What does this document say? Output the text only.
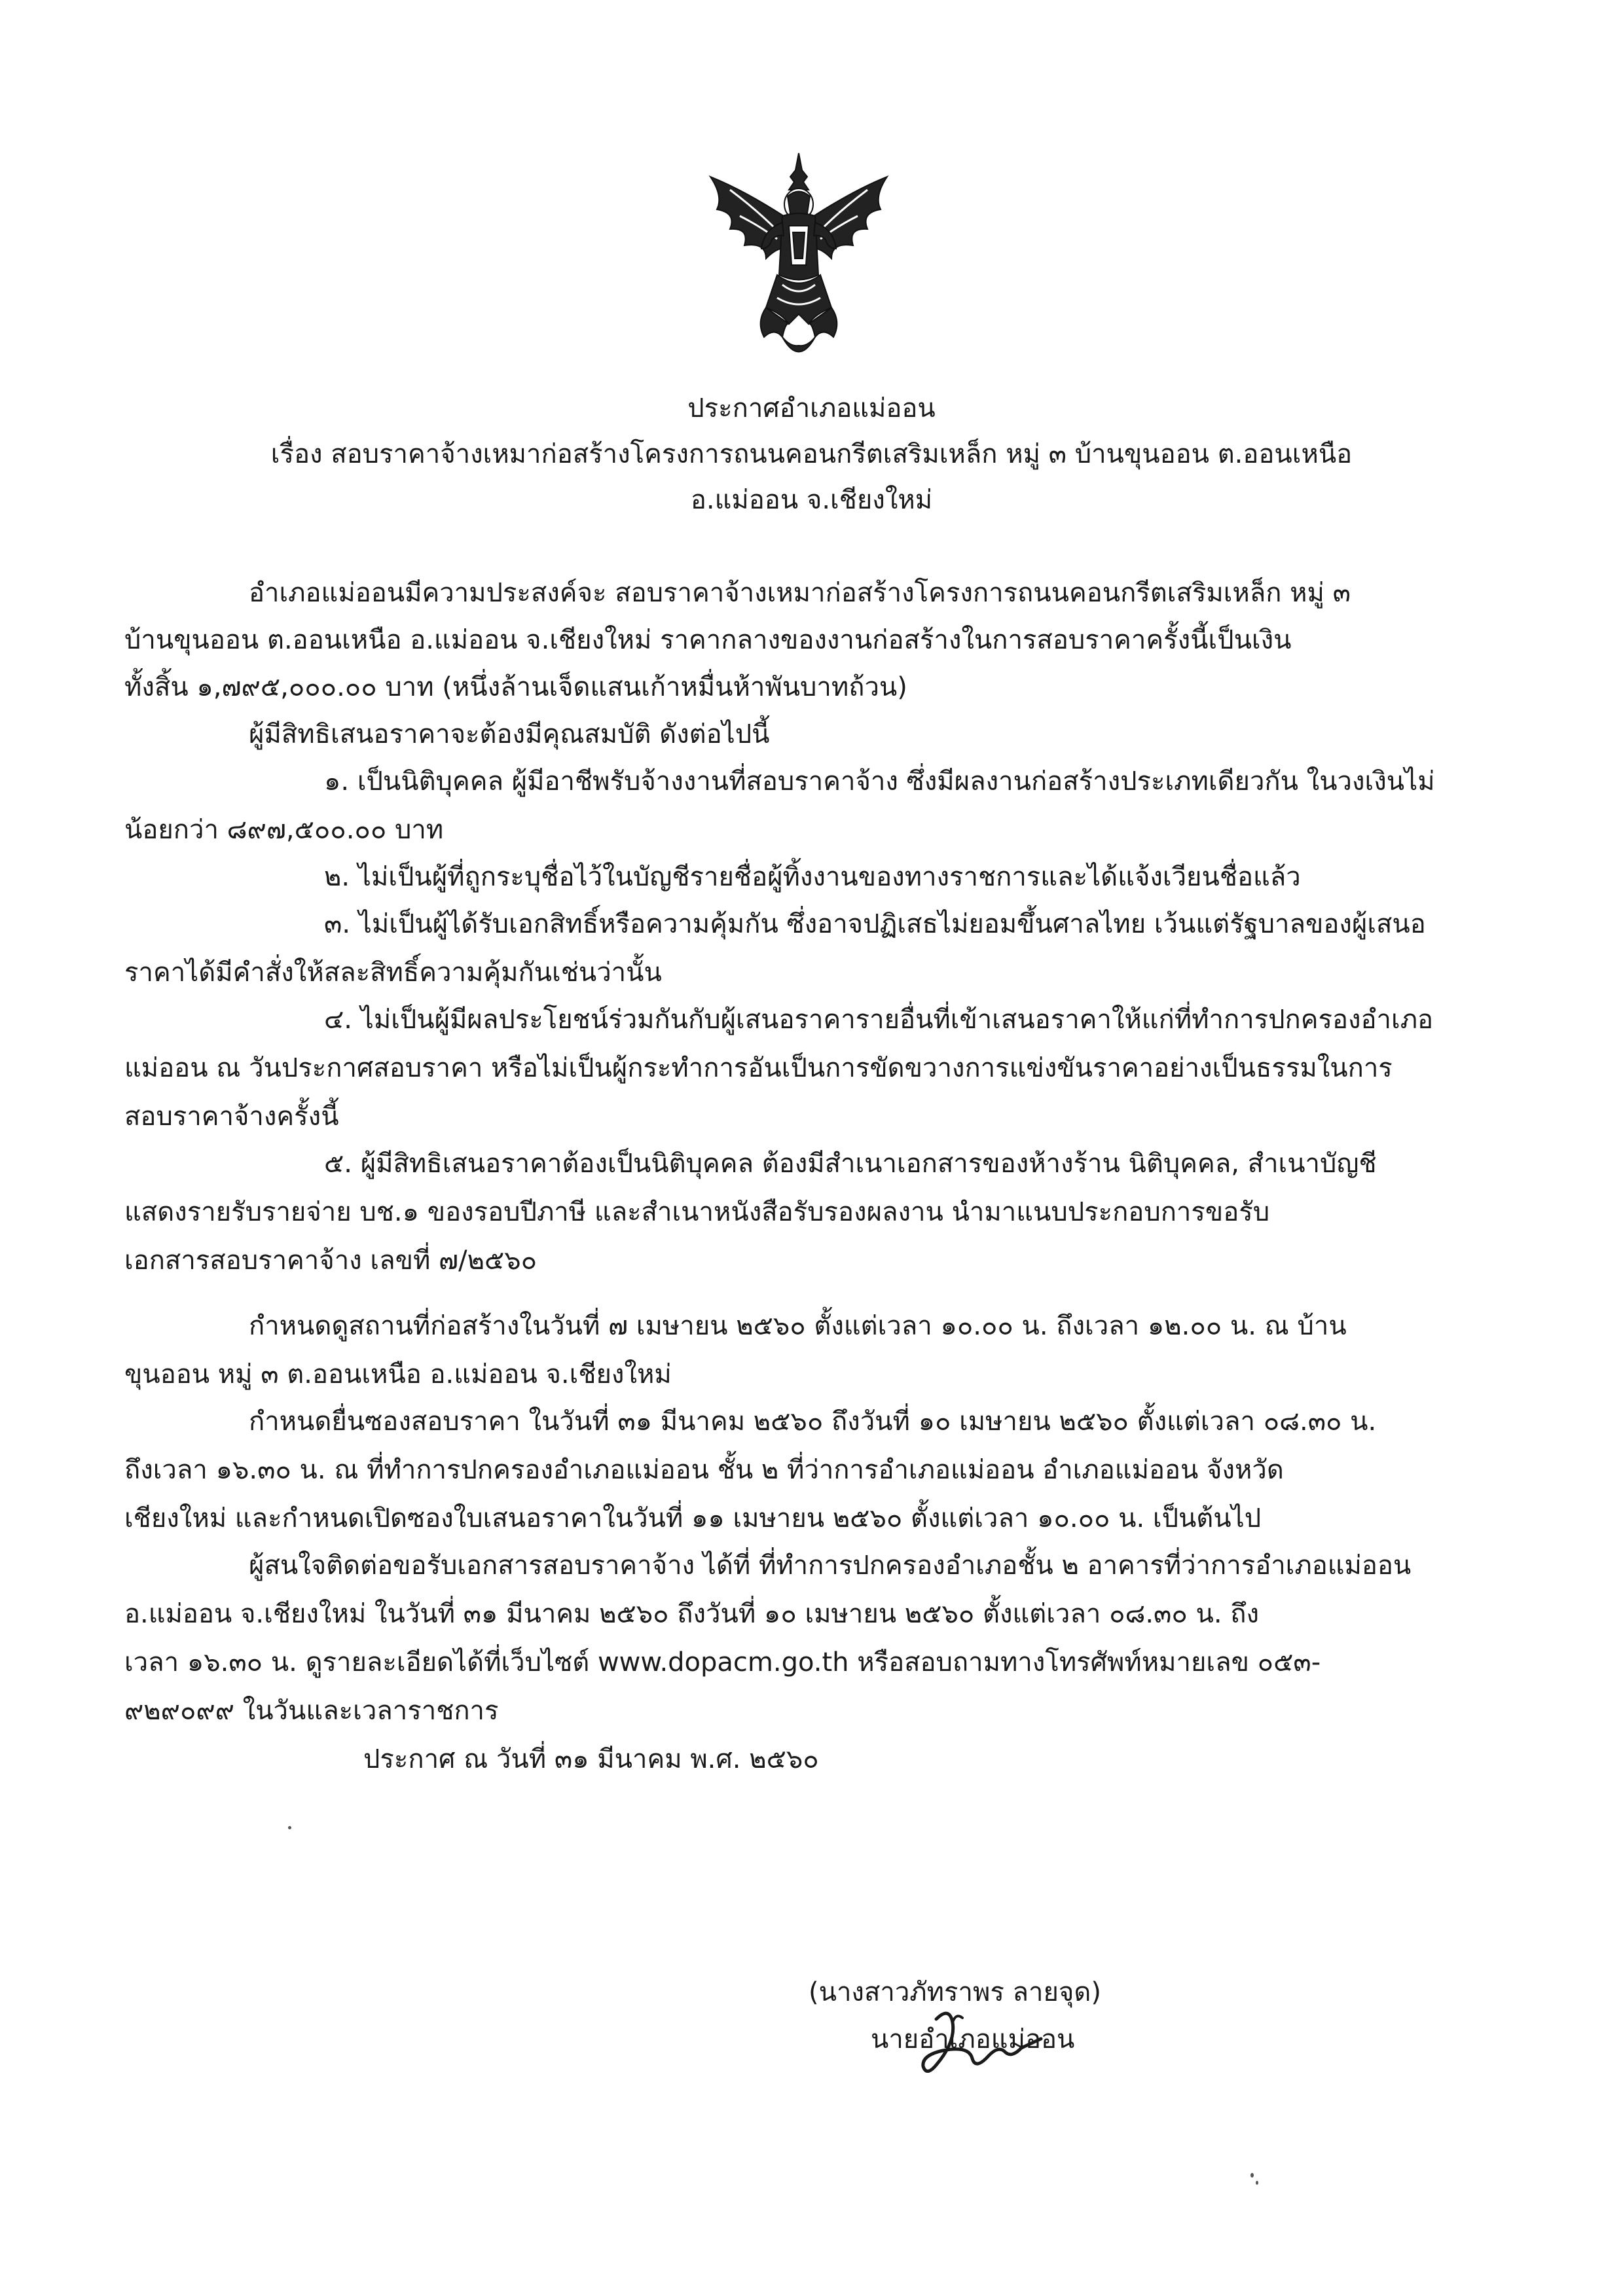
ประกาศอำเภอแม่ออน
เรื่อง สอบราคาจ้างเหมาก่อสร้างโครงการถนนคอนกรีตเสริมเหล็ก หมู่ ๓ บ้านขุนออน ต.ออนเหนือ
อ.แม่ออน จ.เชียงใหม่
อำเภอแม่ออนมีความประสงค์จะ สอบราคาจ้างเหมาก่อสร้างโครงการถนนคอนกรีตเสริมเหล็ก หมู่ ๓
บ้านขุนออน ต.ออนเหนือ อ.แม่ออน จ.เชียงใหม่ ราคากลางของงานก่อสร้างในการสอบราคาครั้งนี้เป็นเงิน
ทั้งสิ้น ๑,๗๙๕,๐๐๐.๐๐ บาท (หนึ่งล้านเจ็ดแสนเก้าหมื่นห้าพันบาทถ้วน)
ผู้มีสิทธิเสนอราคาจะต้องมีคุณสมบัติ ดังต่อไปนี้
๑. เป็นนิติบุคคล ผู้มีอาชีพรับจ้างงานที่สอบราคาจ้าง ซึ่งมีผลงานก่อสร้างประเภทเดียวกัน ในวงเงินไม่
น้อยกว่า ๘๙๗,๕๐๐.๐๐ บาท
๒. ไม่เป็นผู้ที่ถูกระบุชื่อไว้ในบัญชีรายชื่อผู้ทิ้งงานของทางราชการและได้แจ้งเวียนชื่อแล้ว
๓. ไม่เป็นผู้ได้รับเอกสิทธิ์หรือความคุ้มกัน ซึ่งอาจปฏิเสธไม่ยอมขึ้นศาลไทย เว้นแต่รัฐบาลของผู้เสนอ
ราคาได้มีคำสั่งให้สละสิทธิ์ความคุ้มกันเช่นว่านั้น
๔. ไม่เป็นผู้มีผลประโยชน์ร่วมกันกับผู้เสนอราคารายอื่นที่เข้าเสนอราคาให้แก่ที่ทำการปกครองอำเภอ
แม่ออน ณ วันประกาศสอบราคา หรือไม่เป็นผู้กระทำการอันเป็นการขัดขวางการแข่งขันราคาอย่างเป็นธรรมในการ
สอบราคาจ้างครั้งนี้
๕. ผู้มีสิทธิเสนอราคาต้องเป็นนิติบุคคล ต้องมีสำเนาเอกสารของห้างร้าน นิติบุคคล, สำเนาบัญชี
แสดงรายรับรายจ่าย บช.๑ ของรอบปีภาษี และสำเนาหนังสือรับรองผลงาน นำมาแนบประกอบการขอรับ
เอกสารสอบราคาจ้าง เลขที่ ๗/๒๕๖๐
กำหนดดูสถานที่ก่อสร้างในวันที่ ๗ เมษายน ๒๕๖๐ ตั้งแต่เวลา ๑๐.๐๐ น. ถึงเวลา ๑๒.๐๐ น. ณ บ้าน
ขุนออน หมู่ ๓ ต.ออนเหนือ อ.แม่ออน จ.เชียงใหม่
กำหนดยื่นซองสอบราคา ในวันที่ ๓๑ มีนาคม ๒๕๖๐ ถึงวันที่ ๑๐ เมษายน ๒๕๖๐ ตั้งแต่เวลา ๐๘.๓๐ น.
ถึงเวลา ๑๖.๓๐ น. ณ ที่ทำการปกครองอำเภอแม่ออน ชั้น ๒ ที่ว่าการอำเภอแม่ออน อำเภอแม่ออน จังหวัด
เชียงใหม่ และกำหนดเปิดซองใบเสนอราคาในวันที่ ๑๑ เมษายน ๒๕๖๐ ตั้งแต่เวลา ๑๐.๐๐ น. เป็นต้นไป
ผู้สนใจติดต่อขอรับเอกสารสอบราคาจ้าง ได้ที่ ที่ทำการปกครองอำเภอชั้น ๒ อาคารที่ว่าการอำเภอแม่ออน
อ.แม่ออน จ.เชียงใหม่ ในวันที่ ๓๑ มีนาคม ๒๕๖๐ ถึงวันที่ ๑๐ เมษายน ๒๕๖๐ ตั้งแต่เวลา ๐๘.๓๐ น. ถึง
เวลา ๑๖.๓๐ น. ดูรายละเอียดได้ที่เว็บไซต์ www.dopacm.go.th หรือสอบถามทางโทรศัพท์หมายเลข ๐๕๓-
๙๒๙๐๙๙ ในวันและเวลาราชการ
ประกาศ ณ วันที่ ๓๑ มีนาคม พ.ศ. ๒๕๖๐
(นางสาวภัทราพร ลายจุด)
นายอำเภอแม่ออน
